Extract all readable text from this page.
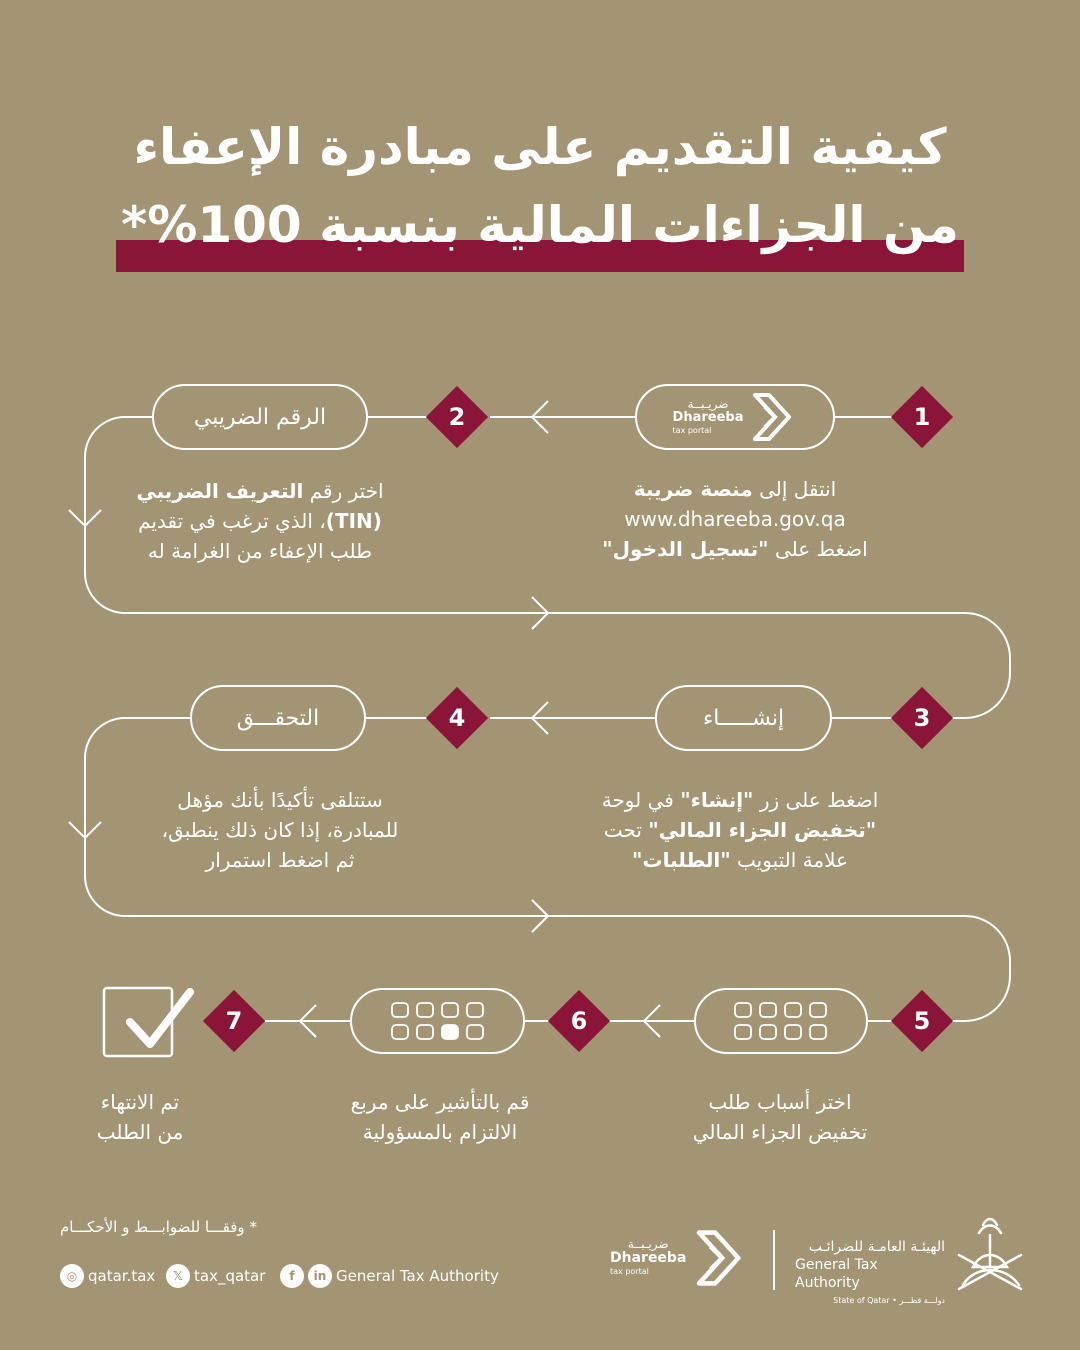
كيفية التقديم على مبادرة الإعفاء
من الجزاءات المالية بنسبة 100%*
1
2
3
4
5
6
7
ضريـبــة
Dhareeba
tax portal
الرقم الضريبي
إنشـــــاء
التحقـــق
انتقل إلى منصة ضريبة
www.dhareeba.gov.qa
اضغط على "تسجيل الدخول"
اختر رقم التعريف الضريبي
(TIN)، الذي ترغب في تقديم
طلب الإعفاء من الغرامة له
اضغط على زر "إنشاء" في لوحة
"تخفيض الجزاء المالي" تحت
علامة التبويب "الطلبات"
ستتلقى تأكيدًا بأنك مؤهل
للمبادرة، إذا كان ذلك ينطبق،
ثم اضغط استمرار
اختر أسباب طلب
تخفيض الجزاء المالي
قم بالتأشير على مربع
الالتزام بالمسؤولية
تم الانتهاء
من الطلب
* وفقـــا للضوابـــط و الأحكـــام
◎ qatar.tax	𝕏 tax_qatar	f	in General Tax Authority
ضريـبــة
Dhareeba
tax portal
الهيئـة العامـة للضرائـب
General Tax Authority
State of Qatar • دولـــة قطـــر
